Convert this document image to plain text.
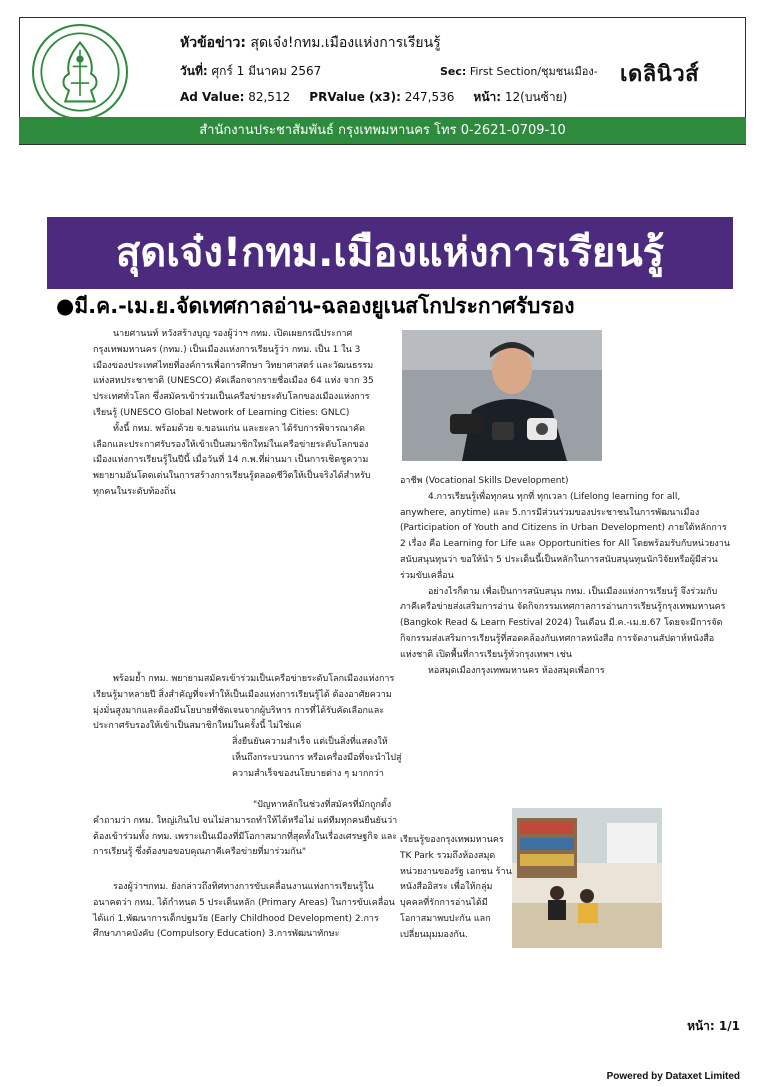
หัวข้อข่าว: สุดเจ๋ง!กทม.เมืองแห่งการเรียนรู้
วันที่: ศุกร์ 1 มีนาคม 2567	Sec: First Section/ชุมชนเมือง-
Ad Value: 82,512 PRValue (x3): 247,536 หน้า: 12(บนซ้าย)
เดลินิวส์
สำนักงานประชาสัมพันธ์ กรุงเทพมหานคร โทร 0-2621-0709-10
สุดเจ๋ง!กทม.เมืองแห่งการเรียนรู้
●มี.ค.-เม.ย.จัดเทศกาลอ่าน-ฉลองยูเนสโกประกาศรับรอง

นายศานนท์ หวังสร้างบุญ รองผู้ว่าฯ กทม. เปิดเผยกรณีประกาศกรุงเทพมหานคร (กทม.) เป็นเมืองแห่งการเรียนรู้ว่า กทม. เป็น 1 ใน 3 เมืองของประเทศไทยที่องค์การเพื่อการศึกษา วิทยาศาสตร์ และวัฒนธรรมแห่งสหประชาชาติ (UNESCO) คัดเลือกจากรายชื่อเมือง 64 แห่ง จาก 35 ประเทศทั่วโลก ซึ่งสมัครเข้าร่วมเป็นเครือข่ายระดับโลกของเมืองแห่งการเรียนรู้ (UNESCO Global Network of Learning Cities: GNLC)

ทั้งนี้ กทม. พร้อมด้วย จ.ขอนแก่น และยะลา ได้รับการพิจารณาคัดเลือกและประกาศรับรองให้เข้าเป็นสมาชิกใหม่ในเครือข่ายระดับโลกของเมืองแห่งการเรียนรู้ในปีนี้ เมื่อวันที่ 14 ก.พ.ที่ผ่านมา เป็นการเชิดชูความพยายามอันโดดเด่นในการสร้างการเรียนรู้ตลอดชีวิตให้เป็นจริงได้สำหรับทุกคนในระดับท้องถิ่น

พร้อมย้ำ กทม. พยายามสมัครเข้าร่วมเป็นเครือข่ายระดับโลกเมืองแห่งการเรียนรู้มาหลายปี สิ่งสำคัญที่จะทำให้เป็นเมืองแห่งการเรียนรู้ได้ ต้องอาศัยความมุ่งมั่นสูงมากและต้องมีนโยบายที่ชัดเจนจากผู้บริหาร การที่ได้รับคัดเลือกและประกาศรับรองให้เข้าเป็นสมาชิกใหม่ในครั้งนี้ ไม่ใช่แค่

สิ่งยืนยันความสำเร็จ แต่เป็นสิ่งที่แสดงให้เห็นถึงกระบวนการ หรือเครื่องมือที่จะนำไปสู่ความสำเร็จของนโยบายต่าง ๆ มากกว่า

"ปัญหาหลักในช่วงที่สมัครที่มักถูกตั้งคำถามว่า กทม. ใหญ่เกินไป จนไม่สามารถทำให้ได้หรือไม่ แต่ทีมทุกคนยืนยันว่าต้องเข้าร่วมทั้ง กทม. เพราะเป็นเมืองที่มีโอกาสมากที่สุดทั้งในเรื่องเศรษฐกิจ และการเรียนรู้ ซึ่งต้องขอขอบคุณภาคีเครือข่ายที่มาร่วมกัน"

รองผู้ว่าฯกทม. ยังกล่าวถึงทิศทางการขับเคลื่อนงานแห่งการเรียนรู้ในอนาคตว่า กทม. ได้กำหนด 5 ประเด็นหลัก (Primary Areas) ในการขับเคลื่อน ได้แก่ 1.พัฒนาการเด็กปฐมวัย (Early Childhood Development) 2.การศึกษาภาคบังคับ (Compulsory Education) 3.การพัฒนาทักษะ

อาชีพ (Vocational Skills Development)

4.การเรียนรู้เพื่อทุกคน ทุกที่ ทุกเวลา (Lifelong learning for all, anywhere, anytime) และ 5.การมีส่วนร่วมของประชาชนในการพัฒนาเมือง (Participation of Youth and Citizens in Urban Development) ภายใต้หลักการ 2 เรื่อง คือ Learning for Life และ Opportunities for All โดยพร้อมรับกับหน่วยงานสนับสนุนทุนว่า ขอให้นำ 5 ประเด็นนี้เป็นหลักในการสนับสนุนทุนนักวิจัยหรือผู้มีส่วนร่วมขับเคลื่อน

อย่างไรก็ตาม เพื่อเป็นการสนับสนุน กทม. เป็นเมืองแห่งการเรียนรู้ จึงร่วมกับภาคีเครือข่ายส่งเสริมการอ่าน จัดกิจกรรมเทศกาลการอ่านการเรียนรู้กรุงเทพมหานคร (Bangkok Read & Learn Festival 2024) ในเดือน มี.ค.-เม.ย.67 โดยจะมีการจัดกิจกรรมส่งเสริมการเรียนรู้ที่สอดคล้องกับเทศกาลหนังสือ การจัดงานสัปดาห์หนังสือแห่งชาติ เปิดพื้นที่การเรียนรู้ทั่วกรุงเทพฯ เช่น

หอสมุดเมืองกรุงเทพมหานคร ห้องสมุดเพื่อการ

เรียนรู้ของกรุงเทพมหานคร TK Park รวมถึงห้องสมุดหน่วยงานของรัฐ เอกชน ร้านหนังสืออิสระ เพื่อให้กลุ่มบุคคลที่รักการอ่านได้มีโอกาสมาพบปะกัน แลกเปลี่ยนมุมมองกัน.

หน้า: 1/1
Powered by Dataxet Limited
